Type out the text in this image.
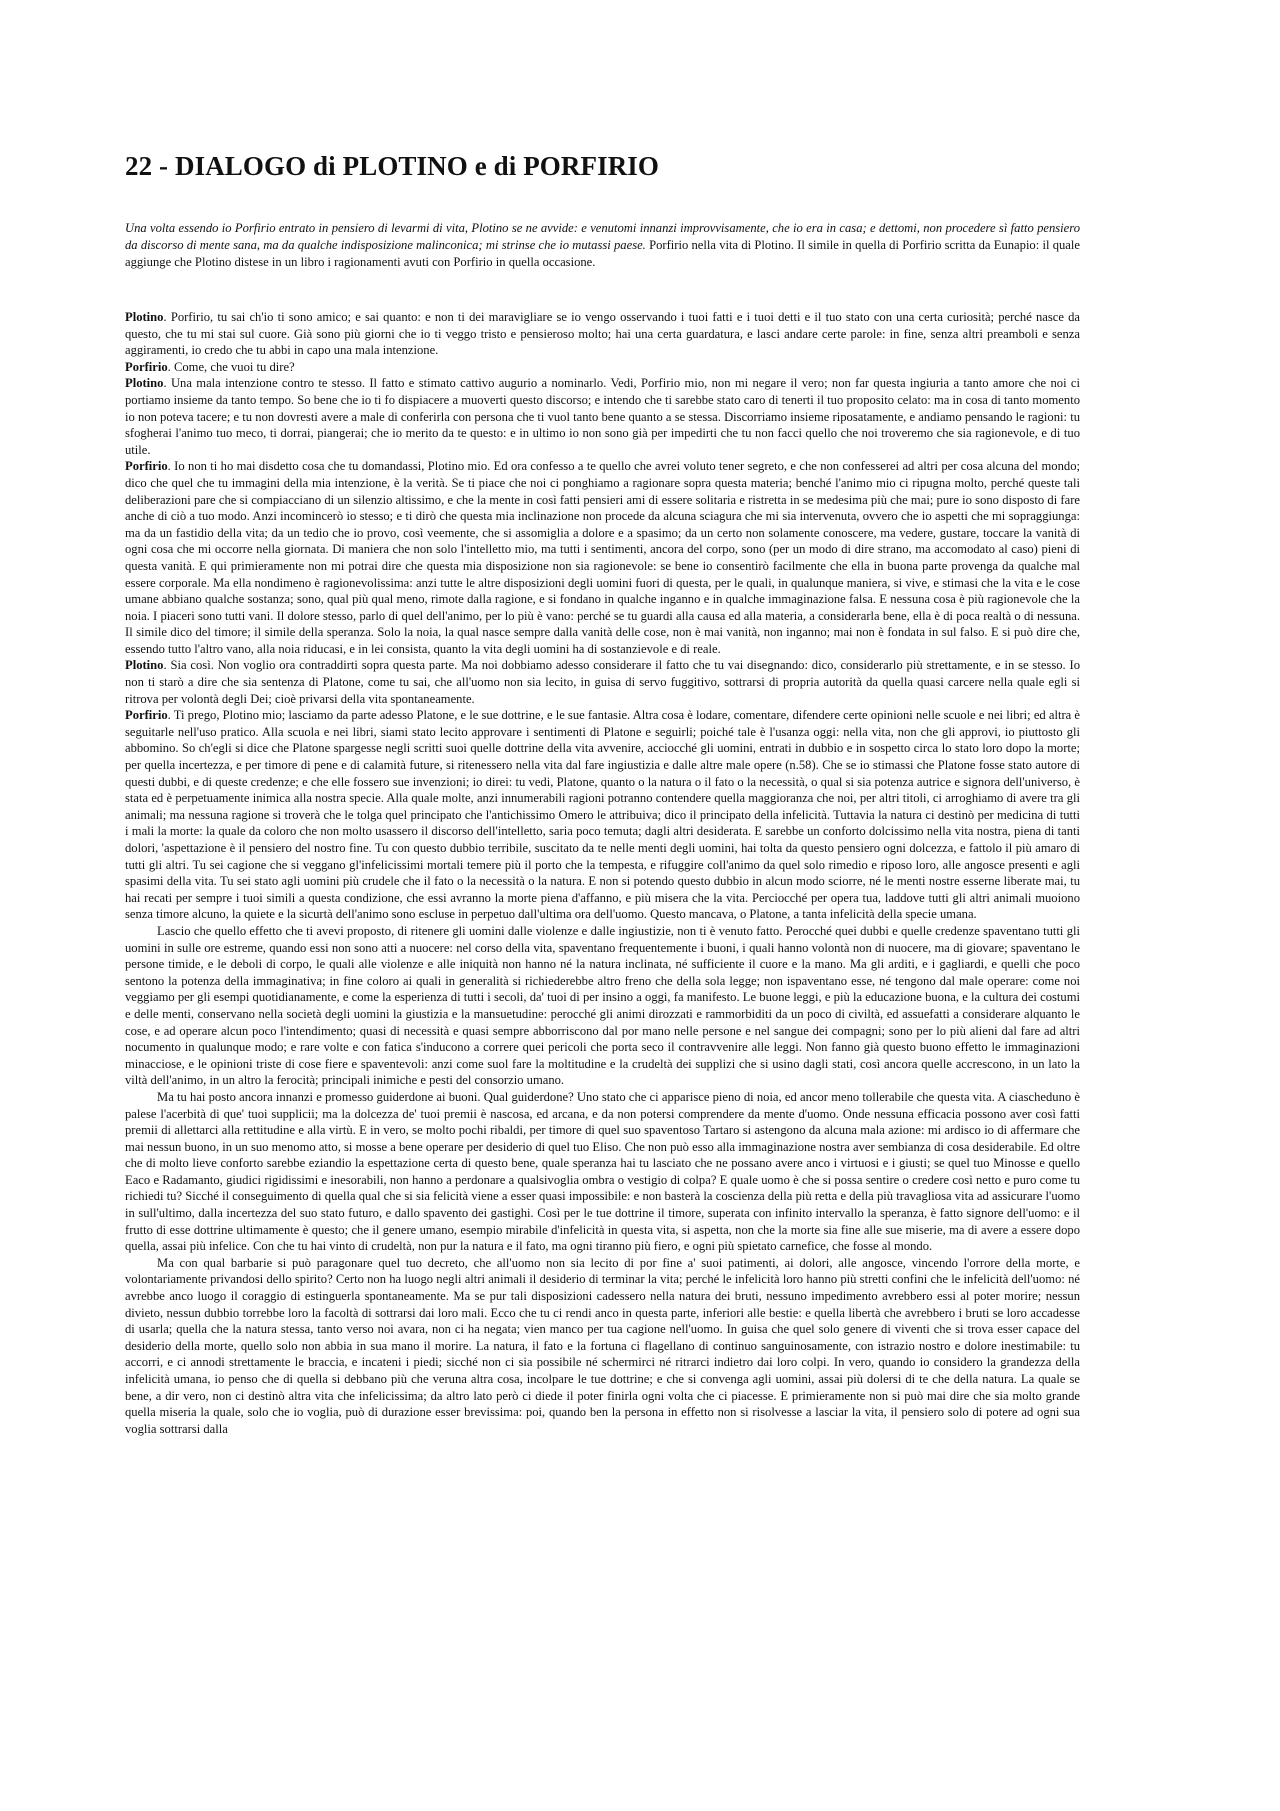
22 - DIALOGO di PLOTINO e di PORFIRIO
Una volta essendo io Porfirio entrato in pensiero di levarmi di vita, Plotino se ne avvide: e venutomi innanzi improvvisamente, che io era in casa; e dettomi, non procedere sì fatto pensiero da discorso di mente sana, ma da qualche indisposizione malinconica; mi strinse che io mutassi paese. Porfirio nella vita di Plotino. Il simile in quella di Porfirio scritta da Eunapio: il quale aggiunge che Plotino distese in un libro i ragionamenti avuti con Porfirio in quella occasione.

Plotino. Porfirio, tu sai ch'io ti sono amico; e sai quanto: e non ti dei maravigliare se io vengo osservando i tuoi fatti e i tuoi detti e il tuo stato con una certa curiosità; perché nasce da questo, che tu mi stai sul cuore. Già sono più giorni che io ti veggo tristo e pensieroso molto; hai una certa guardatura, e lasci andare certe parole: in fine, senza altri preamboli e senza aggiramenti, io credo che tu abbi in capo una mala intenzione.

Porfirio. Come, che vuoi tu dire?

Plotino. Una mala intenzione contro te stesso. Il fatto e stimato cattivo augurio a nominarlo. Vedi, Porfirio mio, non mi negare il vero; non far questa ingiuria a tanto amore che noi ci portiamo insieme da tanto tempo. So bene che io ti fo dispiacere a muoverti questo discorso; e intendo che ti sarebbe stato caro di tenerti il tuo proposito celato: ma in cosa di tanto momento io non poteva tacere; e tu non dovresti avere a male di conferirla con persona che ti vuol tanto bene quanto a se stessa. Discorriamo insieme riposatamente, e andiamo pensando le ragioni: tu sfogherai l'animo tuo meco, ti dorrai, piangerai; che io merito da te questo: e in ultimo io non sono già per impedirti che tu non facci quello che noi troveremo che sia ragionevole, e di tuo utile.

Porfirio. Io non ti ho mai disdetto cosa che tu domandassi, Plotino mio. Ed ora confesso a te quello che avrei voluto tener segreto, e che non confesserei ad altri per cosa alcuna del mondo; dico che quel che tu immagini della mia intenzione, è la verità. Se ti piace che noi ci ponghiamo a ragionare sopra questa materia; benché l'animo mio ci ripugna molto, perché queste tali deliberazioni pare che si compiacciano di un silenzio altissimo, e che la mente in così fatti pensieri ami di essere solitaria e ristretta in se medesima più che mai; pure io sono disposto di fare anche di ciò a tuo modo. Anzi incomincerò io stesso; e ti dirò che questa mia inclinazione non procede da alcuna sciagura che mi sia intervenuta, ovvero che io aspetti che mi sopraggiunga: ma da un fastidio della vita; da un tedio che io provo, così veemente, che si assomiglia a dolore e a spasimo; da un certo non solamente conoscere, ma vedere, gustare, toccare la vanità di ogni cosa che mi occorre nella giornata. Di maniera che non solo l'intelletto mio, ma tutti i sentimenti, ancora del corpo, sono (per un modo di dire strano, ma accomodato al caso) pieni di questa vanità. E qui primieramente non mi potrai dire che questa mia disposizione non sia ragionevole: se bene io consentirò facilmente che ella in buona parte provenga da qualche mal essere corporale. Ma ella nondimeno è ragionevolissima: anzi tutte le altre disposizioni degli uomini fuori di questa, per le quali, in qualunque maniera, si vive, e stimasi che la vita e le cose umane abbiano qualche sostanza; sono, qual più qual meno, rimote dalla ragione, e si fondano in qualche inganno e in qualche immaginazione falsa. E nessuna cosa è più ragionevole che la noia. I piaceri sono tutti vani. Il dolore stesso, parlo di quel dell'animo, per lo più è vano: perché se tu guardi alla causa ed alla materia, a considerarla bene, ella è di poca realtà o di nessuna. Il simile dico del timore; il simile della speranza. Solo la noia, la qual nasce sempre dalla vanità delle cose, non è mai vanità, non inganno; mai non è fondata in sul falso. E si può dire che, essendo tutto l'altro vano, alla noia riducasi, e in lei consista, quanto la vita degli uomini ha di sostanzievole e di reale.

Plotino. Sia così. Non voglio ora contraddirti sopra questa parte. Ma noi dobbiamo adesso considerare il fatto che tu vai disegnando: dico, considerarlo più strettamente, e in se stesso. Io non ti starò a dire che sia sentenza di Platone, come tu sai, che all'uomo non sia lecito, in guisa di servo fuggitivo, sottrarsi di propria autorità da quella quasi carcere nella quale egli si ritrova per volontà degli Dei; cioè privarsi della vita spontaneamente.

Porfirio. Ti prego, Plotino mio; lasciamo da parte adesso Platone, e le sue dottrine, e le sue fantasie. Altra cosa è lodare, comentare, difendere certe opinioni nelle scuole e nei libri; ed altra è seguitarle nell'uso pratico. Alla scuola e nei libri, siami stato lecito approvare i sentimenti di Platone e seguirli; poiché tale è l'usanza oggi: nella vita, non che gli approvi, io piuttosto gli abbomino. So ch'egli si dice che Platone spargesse negli scritti suoi quelle dottrine della vita avvenire, acciocché gli uomini, entrati in dubbio e in sospetto circa lo stato loro dopo la morte; per quella incertezza, e per timore di pene e di calamità future, si ritenessero nella vita dal fare ingiustizia e dalle altre male opere (n.58). Che se io stimassi che Platone fosse stato autore di questi dubbi, e di queste credenze; e che elle fossero sue invenzioni; io direi: tu vedi, Platone, quanto o la natura o il fato o la necessità, o qual si sia potenza autrice e signora dell'universo, è stata ed è perpetuamente inimica alla nostra specie. Alla quale molte, anzi innumerabili ragioni potranno contendere quella maggioranza che noi, per altri titoli, ci arroghiamo di avere tra gli animali; ma nessuna ragione si troverà che le tolga quel principato che l'antichissimo Omero le attribuiva; dico il principato della infelicità. Tuttavia la natura ci destinò per medicina di tutti i mali la morte: la quale da coloro che non molto usassero il discorso dell'intelletto, saria poco temuta; dagli altri desiderata. E sarebbe un conforto dolcissimo nella vita nostra, piena di tanti dolori, 'aspettazione è il pensiero del nostro fine. Tu con questo dubbio terribile, suscitato da te nelle menti degli uomini, hai tolta da questo pensiero ogni dolcezza, e fattolo il più amaro di tutti gli altri. Tu sei cagione che si veggano gl'infelicissimi mortali temere più il porto che la tempesta, e rifuggire coll'animo da quel solo rimedio e riposo loro, alle angosce presenti e agli spasimi della vita. Tu sei stato agli uomini più crudele che il fato o la necessità o la natura. E non si potendo questo dubbio in alcun modo sciorre, né le menti nostre esserne liberate mai, tu hai recati per sempre i tuoi simili a questa condizione, che essi avranno la morte piena d'affanno, e più misera che la vita. Perciocché per opera tua, laddove tutti gli altri animali muoiono senza timore alcuno, la quiete e la sicurtà dell'animo sono escluse in perpetuo dall'ultima ora dell'uomo. Questo mancava, o Platone, a tanta infelicità della specie umana.

Lascio che quello effetto che ti avevi proposto, di ritenere gli uomini dalle violenze e dalle ingiustizie, non ti è venuto fatto. Perocché quei dubbi e quelle credenze spaventano tutti gli uomini in sulle ore estreme, quando essi non sono atti a nuocere: nel corso della vita, spaventano frequentemente i buoni, i quali hanno volontà non di nuocere, ma di giovare; spaventano le persone timide, e le deboli di corpo, le quali alle violenze e alle iniquità non hanno né la natura inclinata, né sufficiente il cuore e la mano. Ma gli arditi, e i gagliardi, e quelli che poco sentono la potenza della immaginativa; in fine coloro ai quali in generalità si richiederebbe altro freno che della sola legge; non ispaventano esse, né tengono dal male operare: come noi veggiamo per gli esempi quotidianamente, e come la esperienza di tutti i secoli, da' tuoi di per insino a oggi, fa manifesto. Le buone leggi, e più la educazione buona, e la cultura dei costumi e delle menti, conservano nella società degli uomini la giustizia e la mansuetudine: perocché gli animi dirozzati e rammorbiditi da un poco di civiltà, ed assuefatti a considerare alquanto le cose, e ad operare alcun poco l'intendimento; quasi di necessità e quasi sempre abborriscono dal por mano nelle persone e nel sangue dei compagni; sono per lo più alieni dal fare ad altri nocumento in qualunque modo; e rare volte e con fatica s'inducono a correre quei pericoli che porta seco il contravvenire alle leggi. Non fanno già questo buono effetto le immaginazioni minacciose, e le opinioni triste di cose fiere e spaventevoli: anzi come suol fare la moltitudine e la crudeltà dei supplizi che si usino dagli stati, così ancora quelle accrescono, in un lato la viltà dell'animo, in un altro la ferocità; principali inimiche e pesti del consorzio umano.

Ma tu hai posto ancora innanzi e promesso guiderdone ai buoni. Qual guiderdone? Uno stato che ci apparisce pieno di noia, ed ancor meno tollerabile che questa vita. A ciascheduno è palese l'acerbità di que' tuoi supplicii; ma la dolcezza de' tuoi premii è nascosa, ed arcana, e da non potersi comprendere da mente d'uomo. Onde nessuna efficacia possono aver così fatti premii di allettarci alla rettitudine e alla virtù. E in vero, se molto pochi ribaldi, per timore di quel suo spaventoso Tartaro si astengono da alcuna mala azione: mi ardisco io di affermare che mai nessun buono, in un suo menomo atto, si mosse a bene operare per desiderio di quel tuo Eliso. Che non può esso alla immaginazione nostra aver sembianza di cosa desiderabile. Ed oltre che di molto lieve conforto sarebbe eziandio la espettazione certa di questo bene, quale speranza hai tu lasciato che ne possano avere anco i virtuosi e i giusti; se quel tuo Minosse e quello Eaco e Radamanto, giudici rigidissimi e inesorabili, non hanno a perdonare a qualsivoglia ombra o vestigio di colpa? E quale uomo è che si possa sentire o credere così netto e puro come tu richiedi tu? Sicché il conseguimento di quella qual che si sia felicità viene a esser quasi impossibile: e non basterà la coscienza della più retta e della più travagliosa vita ad assicurare l'uomo in sull'ultimo, dalla incertezza del suo stato futuro, e dallo spavento dei gastighi. Così per le tue dottrine il timore, superata con infinito intervallo la speranza, è fatto signore dell'uomo: e il frutto di esse dottrine ultimamente è questo; che il genere umano, esempio mirabile d'infelicità in questa vita, si aspetta, non che la morte sia fine alle sue miserie, ma di avere a essere dopo quella, assai più infelice. Con che tu hai vinto di crudeltà, non pur la natura e il fato, ma ogni tiranno più fiero, e ogni più spietato carnefice, che fosse al mondo.

Ma con qual barbarie si può paragonare quel tuo decreto, che all'uomo non sia lecito di por fine a' suoi patimenti, ai dolori, alle angosce, vincendo l'orrore della morte, e volontariamente privandosi dello spirito? Certo non ha luogo negli altri animali il desiderio di terminar la vita; perché le infelicità loro hanno più stretti confini che le infelicità dell'uomo: né avrebbe anco luogo il coraggio di estinguerla spontaneamente. Ma se pur tali disposizioni cadessero nella natura dei bruti, nessuno impedimento avrebbero essi al poter morire; nessun divieto, nessun dubbio torrebbe loro la facoltà di sottrarsi dai loro mali. Ecco che tu ci rendi anco in questa parte, inferiori alle bestie: e quella libertà che avrebbero i bruti se loro accadesse di usarla; quella che la natura stessa, tanto verso noi avara, non ci ha negata; vien manco per tua cagione nell'uomo. In guisa che quel solo genere di viventi che si trova esser capace del desiderio della morte, quello solo non abbia in sua mano il morire. La natura, il fato e la fortuna ci flagellano di continuo sanguinosamente, con istrazio nostro e dolore inestimabile: tu accorri, e ci annodi strettamente le braccia, e incateni i piedi; sicché non ci sia possibile né schermirci né ritrarci indietro dai loro colpi. In vero, quando io considero la grandezza della infelicità umana, io penso che di quella si debbano più che veruna altra cosa, incolpare le tue dottrine; e che si convenga agli uomini, assai più dolersi di te che della natura. La quale se bene, a dir vero, non ci destinò altra vita che infelicissima; da altro lato però ci diede il poter finirla ogni volta che ci piacesse. E primieramente non si può mai dire che sia molto grande quella miseria la quale, solo che io voglia, può di durazione esser brevissima: poi, quando ben la persona in effetto non si risolvesse a lasciar la vita, il pensiero solo di potere ad ogni sua voglia sottrarsi dalla
